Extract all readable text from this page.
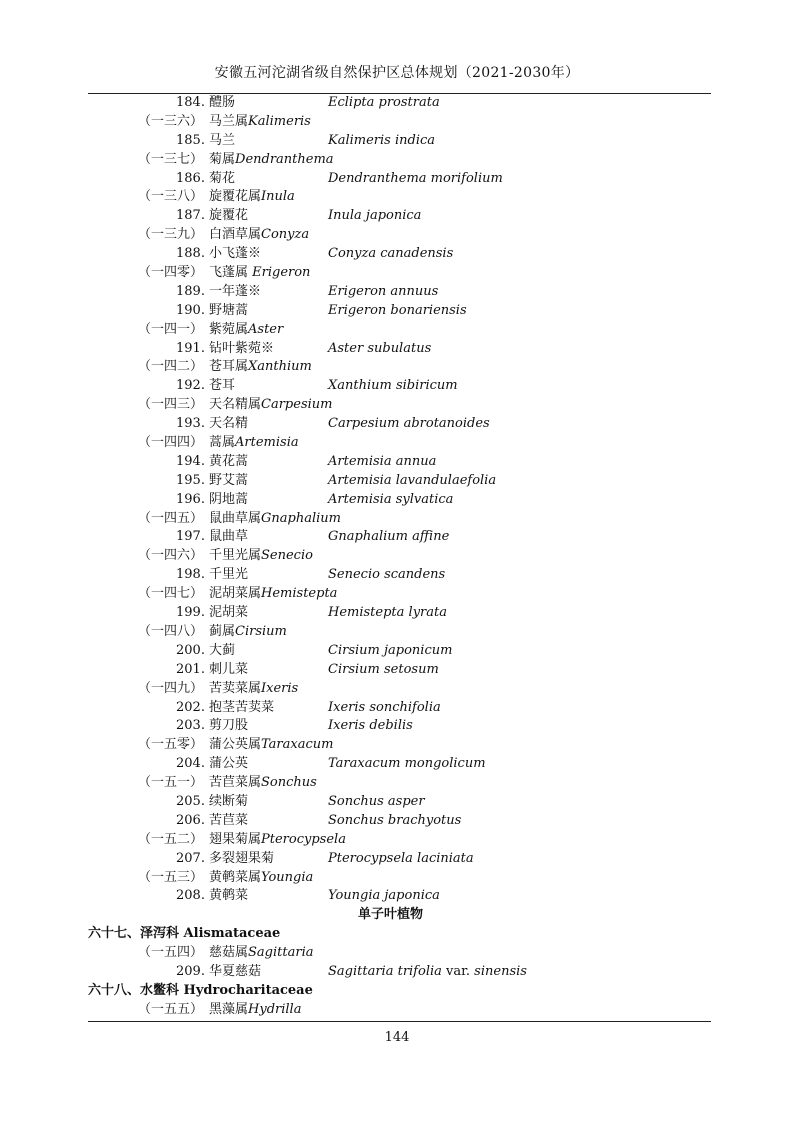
安徽五河沱湖省级自然保护区总体规划（2021-2030年）
184. 醴肠	Eclipta prostrata
（一三六） 马兰属Kalimeris
185. 马兰	Kalimeris indica
（一三七） 菊属Dendranthema
186. 菊花	Dendranthema morifolium
（一三八） 旋覆花属Inula
187. 旋覆花	Inula japonica
（一三九） 白酒草属Conyza
188. 小飞蓬※	Conyza canadensis
（一四零） 飞蓬属 Erigeron
189. 一年蓬※	Erigeron annuus
190. 野塘蒿	Erigeron bonariensis
（一四一） 紫菀属Aster
191. 钻叶紫菀※	Aster subulatus
（一四二） 苍耳属Xanthium
192. 苍耳	Xanthium sibiricum
（一四三） 天名精属Carpesium
193. 天名精	Carpesium abrotanoides
（一四四） 蒿属Artemisia
194. 黄花蒿	Artemisia annua
195. 野艾蒿	Artemisia lavandulaefolia
196. 阴地蒿	Artemisia sylvatica
（一四五） 鼠曲草属Gnaphalium
197. 鼠曲草	Gnaphalium affine
（一四六） 千里光属Senecio
198. 千里光	Senecio scandens
（一四七） 泥胡菜属Hemistepta
199. 泥胡菜	Hemistepta lyrata
（一四八） 蓟属Cirsium
200. 大蓟	Cirsium japonicum
201. 刺儿菜	Cirsium setosum
（一四九） 苦荬菜属Ixeris
202. 抱茎苦荬菜	Ixeris sonchifolia
203. 剪刀股	Ixeris debilis
（一五零） 蒲公英属Taraxacum
204. 蒲公英	Taraxacum mongolicum
（一五一） 苦苣菜属Sonchus
205. 续断菊	Sonchus asper
206. 苦苣菜	Sonchus brachyotus
（一五二） 翅果菊属Pterocypsela
207. 多裂翅果菊	Pterocypsela laciniata
（一五三） 黄鹌菜属Youngia
208. 黄鹌菜	Youngia japonica
单子叶植物
六十七、泽泻科 Alismataceae
（一五四） 慈菇属Sagittaria
209. 华夏慈菇	Sagittaria trifolia var. sinensis
六十八、水鳖科 Hydrocharitaceae
（一五五） 黑藻属Hydrilla
144
